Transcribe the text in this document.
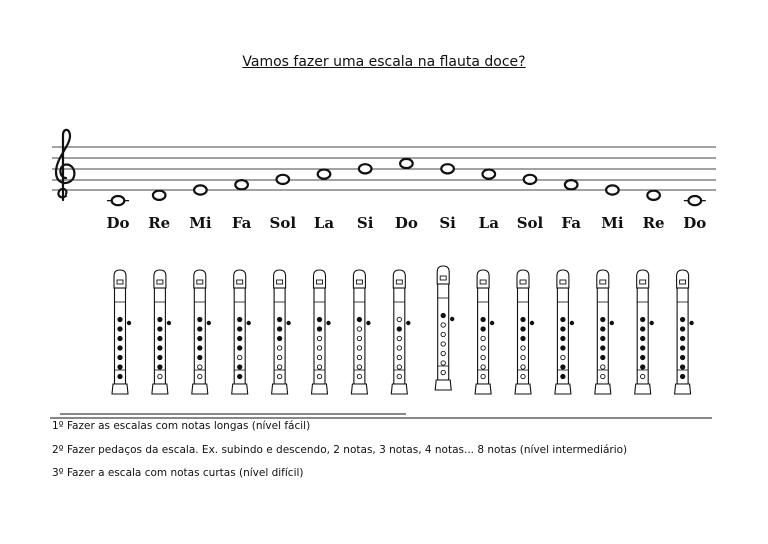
Vamos fazer uma escala na flauta doce?
Do Re Mi Fa Sol La Si Do Si La Sol Fa Mi Re Do
1º Fazer as escalas com notas longas (nível fácil)
2º Fazer pedaços da escala. Ex. subindo e descendo, 2 notas, 3 notas, 4 notas... 8 notas (nível intermediário)
3º Fazer a escala com notas curtas (nível difícil)
